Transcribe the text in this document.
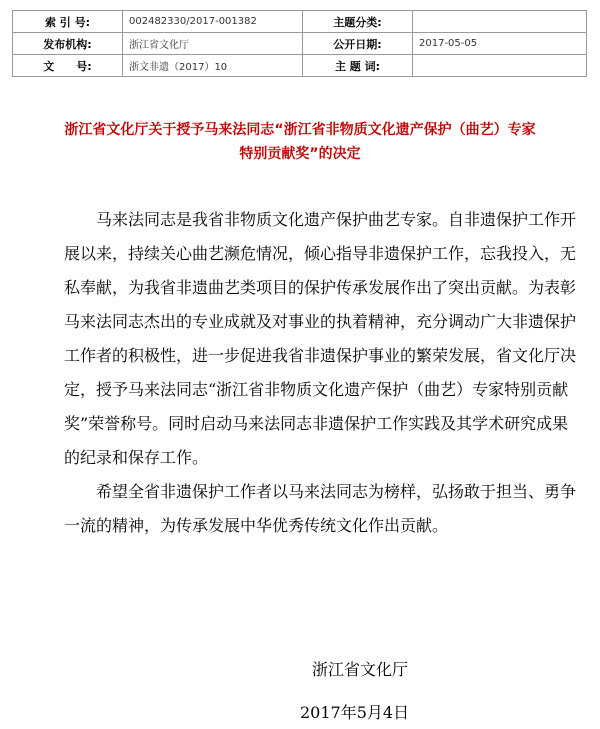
索 引 号:	002482330/2017-001382	主题分类:	
发布机构:	浙江省文化厅	公开日期:	2017-05-05
文　　号:	浙文非遗（2017）10	主 题 词:	
浙江省文化厅关于授予马来法同志“浙江省非物质文化遗产保护（曲艺）专家特别贡献奖”的决定

马来法同志是我省非物质文化遗产保护曲艺专家。自非遗保护工作开展以来，持续关心曲艺濒危情况，倾心指导非遗保护工作，忘我投入，无私奉献，为我省非遗曲艺类项目的保护传承发展作出了突出贡献。为表彰马来法同志杰出的专业成就及对事业的执着精神，充分调动广大非遗保护工作者的积极性，进一步促进我省非遗保护事业的繁荣发展，省文化厅决定，授予马来法同志“浙江省非物质文化遗产保护（曲艺）专家特别贡献奖”荣誉称号。同时启动马来法同志非遗保护工作实践及其学术研究成果的纪录和保存工作。

希望全省非遗保护工作者以马来法同志为榜样，弘扬敢于担当、勇争一流的精神，为传承发展中华优秀传统文化作出贡献。

浙江省文化厅

2017年5月4日
